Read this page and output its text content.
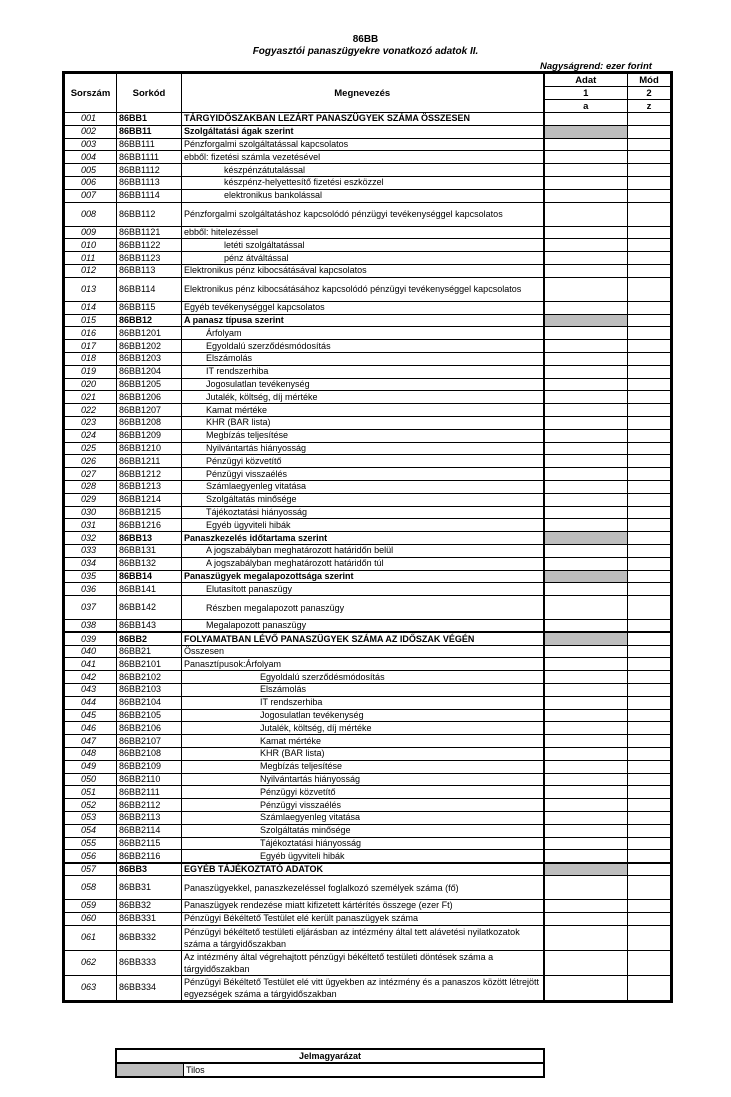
86BB
Fogyasztói panaszügyekre vonatkozó adatok II.
Nagyságrend: ezer forint
Sorszám	Sorkód	Megnevezés	Adat	Mód
			1	2
			a	z
001	86BB1	TÁRGYIDŐSZAKBAN LEZÁRT PANASZÜGYEK SZÁMA ÖSSZESEN		
002	86BB11	Szolgáltatási ágak szerint		
003	86BB111	Pénzforgalmi szolgáltatással kapcsolatos		
004	86BB1111	ebből: fizetési számla vezetésével		
005	86BB1112	készpénzátutalással		
006	86BB1113	készpénz-helyettesítő fizetési eszközzel		
007	86BB1114	elektronikus bankolással		
008	86BB112	Pénzforgalmi szolgáltatáshoz kapcsolódó pénzügyi tevékenységgel kapcsolatos		
009	86BB1121	ebből: hitelezéssel		
010	86BB1122	letéti szolgáltatással		
011	86BB1123	pénz átváltással		
012	86BB113	Elektronikus pénz kibocsátásával kapcsolatos		
013	86BB114	Elektronikus pénz kibocsátásához kapcsolódó pénzügyi tevékenységgel kapcsolatos		
014	86BB115	Egyéb tevékenységgel kapcsolatos		
015	86BB12	A panasz típusa szerint		
016	86BB1201	Árfolyam		
017	86BB1202	Egyoldalú szerződésmódosítás		
018	86BB1203	Elszámolás		
019	86BB1204	IT rendszerhiba		
020	86BB1205	Jogosulatlan tevékenység		
021	86BB1206	Jutalék, költség, díj mértéke		
022	86BB1207	Kamat mértéke		
023	86BB1208	KHR (BAR lista)		
024	86BB1209	Megbízás teljesítése		
025	86BB1210	Nyilvántartás hiányosság		
026	86BB1211	Pénzügyi közvetítő		
027	86BB1212	Pénzügyi visszaélés		
028	86BB1213	Számlaegyenleg vitatása		
029	86BB1214	Szolgáltatás minősége		
030	86BB1215	Tájékoztatási hiányosság		
031	86BB1216	Egyéb ügyviteli hibák		
032	86BB13	Panaszkezelés időtartama szerint		
033	86BB131	A jogszabályban meghatározott határidőn belül		
034	86BB132	A jogszabályban meghatározott határidőn túl		
035	86BB14	Panaszügyek megalapozottsága szerint		
036	86BB141	Elutasított panaszügy		
037	86BB142	Részben megalapozott panaszügy		
038	86BB143	Megalapozott panaszügy		
039	86BB2	FOLYAMATBAN LÉVŐ PANASZÜGYEK SZÁMA AZ IDŐSZAK VÉGÉN		
040	86BB21	Összesen		
041	86BB2101	Panasztípusok:Árfolyam		
042	86BB2102	Egyoldalú szerződésmódosítás		
043	86BB2103	Elszámolás		
044	86BB2104	IT rendszerhiba		
045	86BB2105	Jogosulatlan tevékenység		
046	86BB2106	Jutalék, költség, díj mértéke		
047	86BB2107	Kamat mértéke		
048	86BB2108	KHR (BAR lista)		
049	86BB2109	Megbízás teljesítése		
050	86BB2110	Nyilvántartás hiányosság		
051	86BB2111	Pénzügyi közvetítő		
052	86BB2112	Pénzügyi visszaélés		
053	86BB2113	Számlaegyenleg vitatása		
054	86BB2114	Szolgáltatás minősége		
055	86BB2115	Tájékoztatási hiányosság		
056	86BB2116	Egyéb ügyviteli hibák		
057	86BB3	EGYÉB TÁJÉKOZTATÓ ADATOK		
058	86BB31	Panaszügyekkel, panaszkezeléssel foglalkozó személyek száma (fő)		
059	86BB32	Panaszügyek rendezése miatt kifizetett kártérítés összege (ezer Ft)		
060	86BB331	Pénzügyi Békéltető Testület elé került panaszügyek száma		
061	86BB332	Pénzügyi békéltető testületi eljárásban az intézmény által tett alávetési nyilatkozatok száma a tárgyidőszakban		
062	86BB333	Az intézmény által végrehajtott pénzügyi békéltető testületi döntések száma a tárgyidőszakban		
063	86BB334	Pénzügyi Békéltető Testület elé vitt ügyekben az intézmény és a panaszos között létrejött egyezségek száma a tárgyidőszakban		
Jelmagyarázat
	Tilos
